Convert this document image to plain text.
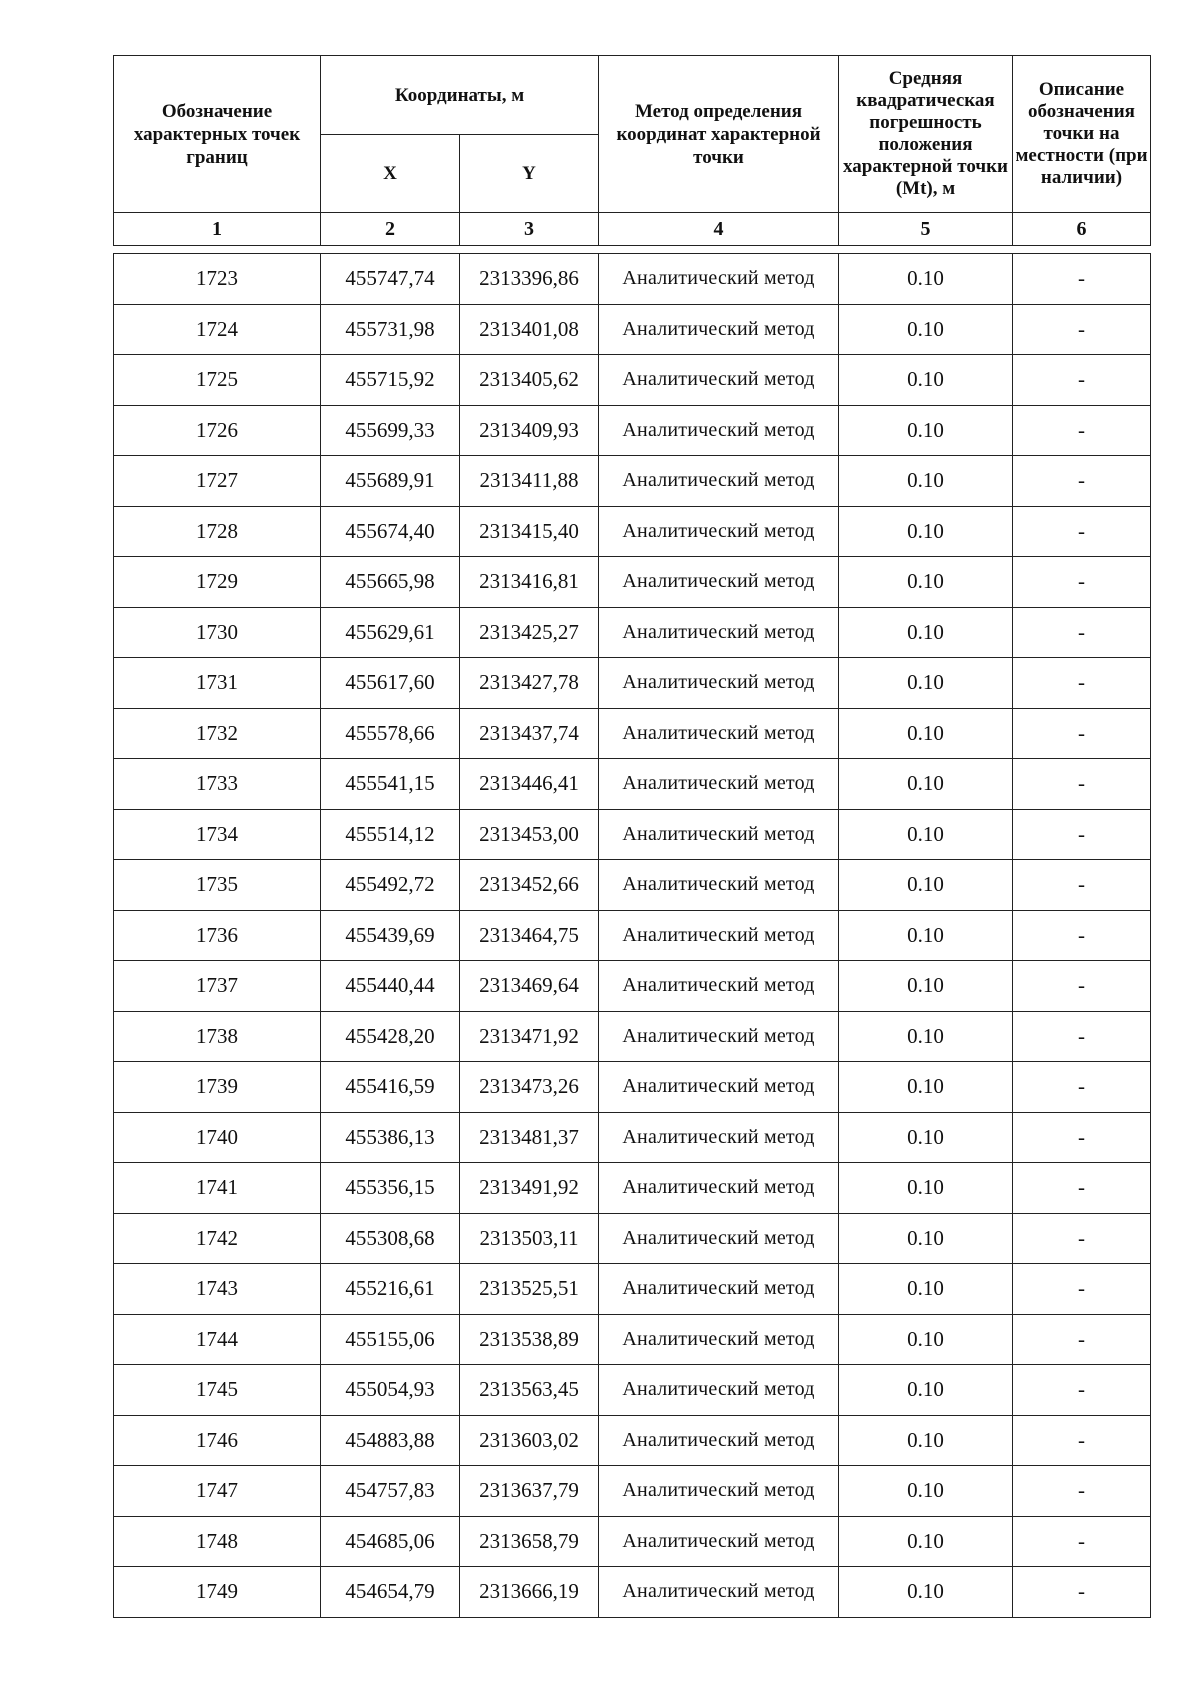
Обозначение характерных точек границ	Координаты, м		Метод определения координат характерной точки	Средняя квадратическая погрешность положения характерной точки (Mt), м	Описание обозначения точки на местности (при наличии)
	X	Y			
1	2	3	4	5	6
1723	455747,74	2313396,86	Аналитический метод	0.10	-
1724	455731,98	2313401,08	Аналитический метод	0.10	-
1725	455715,92	2313405,62	Аналитический метод	0.10	-
1726	455699,33	2313409,93	Аналитический метод	0.10	-
1727	455689,91	2313411,88	Аналитический метод	0.10	-
1728	455674,40	2313415,40	Аналитический метод	0.10	-
1729	455665,98	2313416,81	Аналитический метод	0.10	-
1730	455629,61	2313425,27	Аналитический метод	0.10	-
1731	455617,60	2313427,78	Аналитический метод	0.10	-
1732	455578,66	2313437,74	Аналитический метод	0.10	-
1733	455541,15	2313446,41	Аналитический метод	0.10	-
1734	455514,12	2313453,00	Аналитический метод	0.10	-
1735	455492,72	2313452,66	Аналитический метод	0.10	-
1736	455439,69	2313464,75	Аналитический метод	0.10	-
1737	455440,44	2313469,64	Аналитический метод	0.10	-
1738	455428,20	2313471,92	Аналитический метод	0.10	-
1739	455416,59	2313473,26	Аналитический метод	0.10	-
1740	455386,13	2313481,37	Аналитический метод	0.10	-
1741	455356,15	2313491,92	Аналитический метод	0.10	-
1742	455308,68	2313503,11	Аналитический метод	0.10	-
1743	455216,61	2313525,51	Аналитический метод	0.10	-
1744	455155,06	2313538,89	Аналитический метод	0.10	-
1745	455054,93	2313563,45	Аналитический метод	0.10	-
1746	454883,88	2313603,02	Аналитический метод	0.10	-
1747	454757,83	2313637,79	Аналитический метод	0.10	-
1748	454685,06	2313658,79	Аналитический метод	0.10	-
1749	454654,79	2313666,19	Аналитический метод	0.10	-
